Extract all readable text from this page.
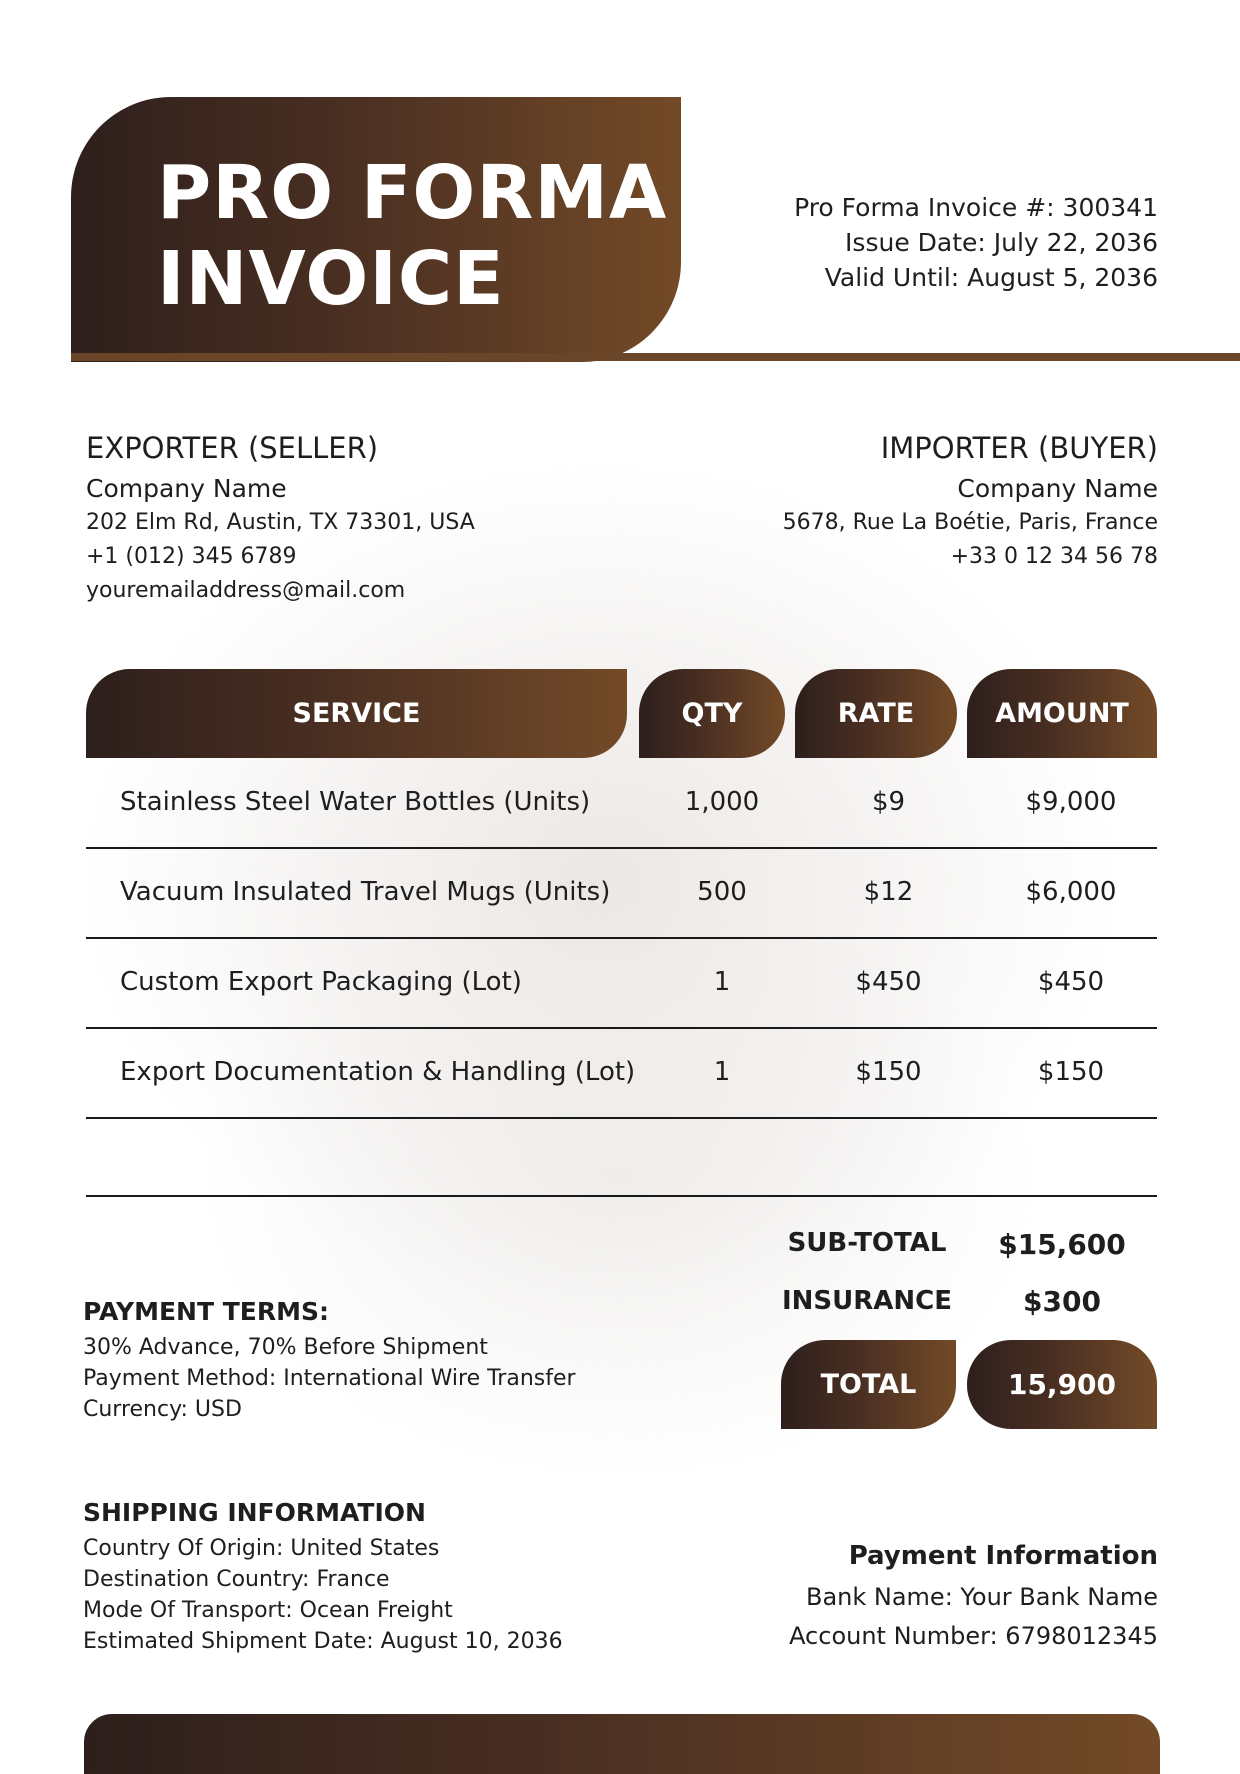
PRO FORMA
INVOICE
Pro Forma Invoice #: 300341
Issue Date: July 22, 2036
Valid Until: August 5, 2036
EXPORTER (SELLER)
Company Name
202 Elm Rd, Austin, TX 73301, USA
+1 (012) 345 6789
youremailaddress@mail.com
IMPORTER (BUYER)
Company Name
5678, Rue La Boétie, Paris, France
+33 0 12 34 56 78
SERVICE	QTY	RATE	AMOUNT
Stainless Steel Water Bottles (Units)	1,000	$9	$9,000
Vacuum Insulated Travel Mugs (Units)	500	$12	$6,000
Custom Export Packaging (Lot)	1	$450	$450
Export Documentation & Handling (Lot)	1	$150	$150
SUB-TOTAL	$15,600
INSURANCE	$300
TOTAL	15,900
PAYMENT TERMS:
30% Advance, 70% Before Shipment
Payment Method: International Wire Transfer
Currency: USD
SHIPPING INFORMATION
Country Of Origin: United States
Destination Country: France
Mode Of Transport: Ocean Freight
Estimated Shipment Date: August 10, 2036
Payment Information
Bank Name: Your Bank Name
Account Number: 6798012345
